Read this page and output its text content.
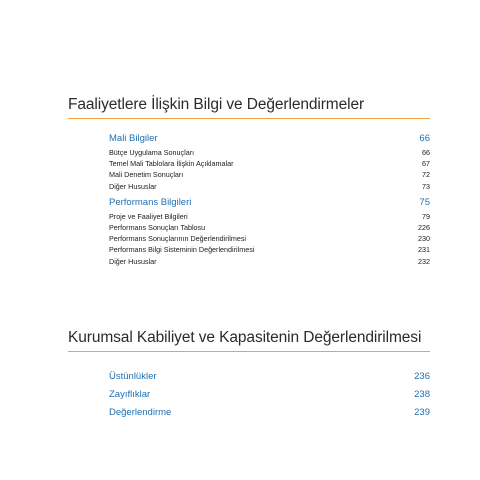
Faaliyetlere İlişkin Bilgi ve Değerlendirmeler
Mali Bilgiler	66
Bütçe Uygulama Sonuçları	66
Temel Mali Tablolara İlişkin Açıklamalar	67
Mali Denetim Sonuçları	72
Diğer Hususlar	73
Performans Bilgileri	75
Proje ve Faaliyet Bilgileri	79
Performans Sonuçları Tablosu	226
Performans Sonuçlarının Değerlendirilmesi	230
Performans Bilgi Sisteminin Değerlendirilmesi	231
Diğer Hususlar	232
Kurumsal Kabiliyet ve Kapasitenin Değerlendirilmesi
Üstünlükler	236
Zayıflıklar	238
Değerlendirme	239
